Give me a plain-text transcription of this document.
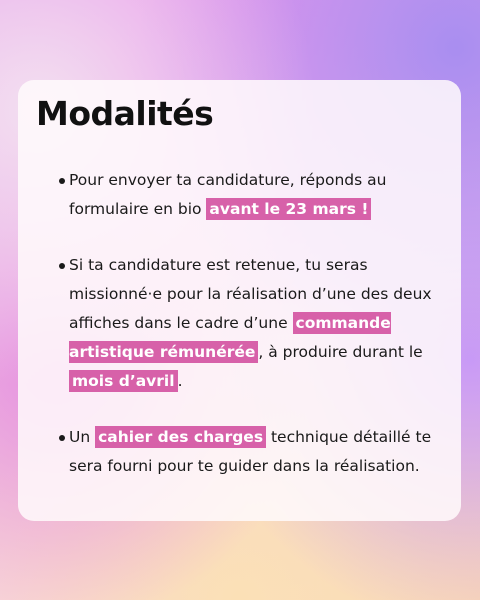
Modalités
Pour envoyer ta candidature, réponds au formulaire en bio avant le 23 mars !
Si ta candidature est retenue, tu seras missionné·e pour la réalisation d’une des deux affiches dans le cadre d’une commande artistique rémunérée , à produire durant le mois d’avril .
Un cahier des charges technique détaillé te sera fourni pour te guider dans la réalisation.
